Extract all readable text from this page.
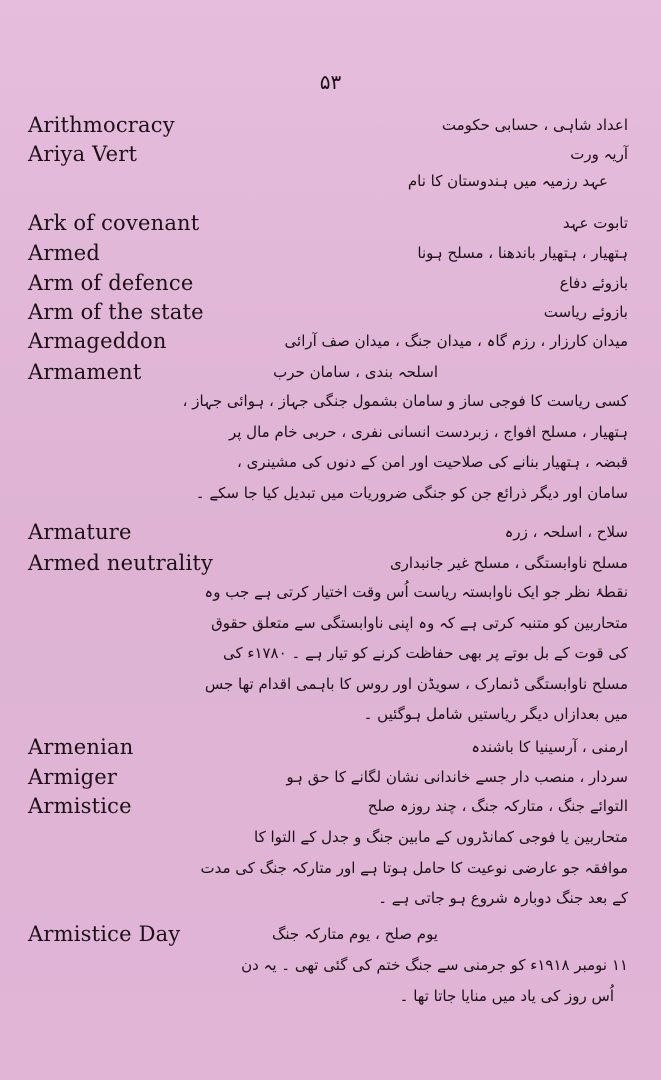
۵۳
Arithmocracy	اعداد شاہی ، حسابی حکومت
Ariya Vert	آریہ ورت
عہد رزمیہ میں ہندوستان کا نام
Ark of covenant	تابوت عہد
Armed	ہتھیار ، ہتھیار باندھنا ، مسلح ہونا
Arm of defence	بازوئے دفاع
Arm of the state	بازوئے ریاست
Armageddon	میدان کارزار ، رزم گاہ ، میدان جنگ ، میدان صف آرائی
Armament	اسلحہ بندی ، سامان حرب
کسی ریاست کا فوجی ساز و سامان بشمول جنگی جہاز ، ہوائی جہاز ،
ہتھیار ، مسلح افواج ، زبردست انسانی نفری ، حربی خام مال پر
قبضہ ، ہتھیار بنانے کی صلاحیت اور امن کے دنوں کی مشینری ،
سامان اور دیگر ذرائع جن کو جنگی ضروریات میں تبدیل کیا جا سکے ۔
Armature	سلاح ، اسلحہ ، زرہ
Armed neutrality	مسلح ناوابستگی ، مسلح غیر جانبداری
نقطۂ نظر جو ایک ناوابستہ ریاست اُس وقت اختیار کرتی ہے جب وہ
متحاربین کو متنبہ کرتی ہے کہ وہ اپنی ناوابستگی سے متعلق حقوق
کی قوت کے بل بوتے پر بھی حفاظت کرنے کو تیار ہے ۔ ۱۷۸۰ء کی
مسلح ناوابستگی ڈنمارک ، سویڈن اور روس کا باہمی اقدام تھا جس
میں بعدازاں دیگر ریاستیں شامل ہوگئیں ۔
Armenian	ارمنی ، آرسینیا کا باشندہ
Armiger	سردار ، منصب دار جسے خاندانی نشان لگانے کا حق ہو
Armistice	التوائے جنگ ، متارکہ جنگ ، چند روزہ صلح
متحاربین یا فوجی کمانڈروں کے مابین جنگ و جدل کے التوا کا
موافقہ جو عارضی نوعیت کا حامل ہوتا ہے اور متارکہ جنگ کی مدت
کے بعد جنگ دوبارہ شروع ہو جاتی ہے ۔
Armistice Day	یوم صلح ، یوم متارکہ جنگ
۱۱ نومبر ۱۹۱۸ء کو جرمنی سے جنگ ختم کی گئی تھی ۔ یہ دن
اُس روز کی یاد میں منایا جاتا تھا ۔
